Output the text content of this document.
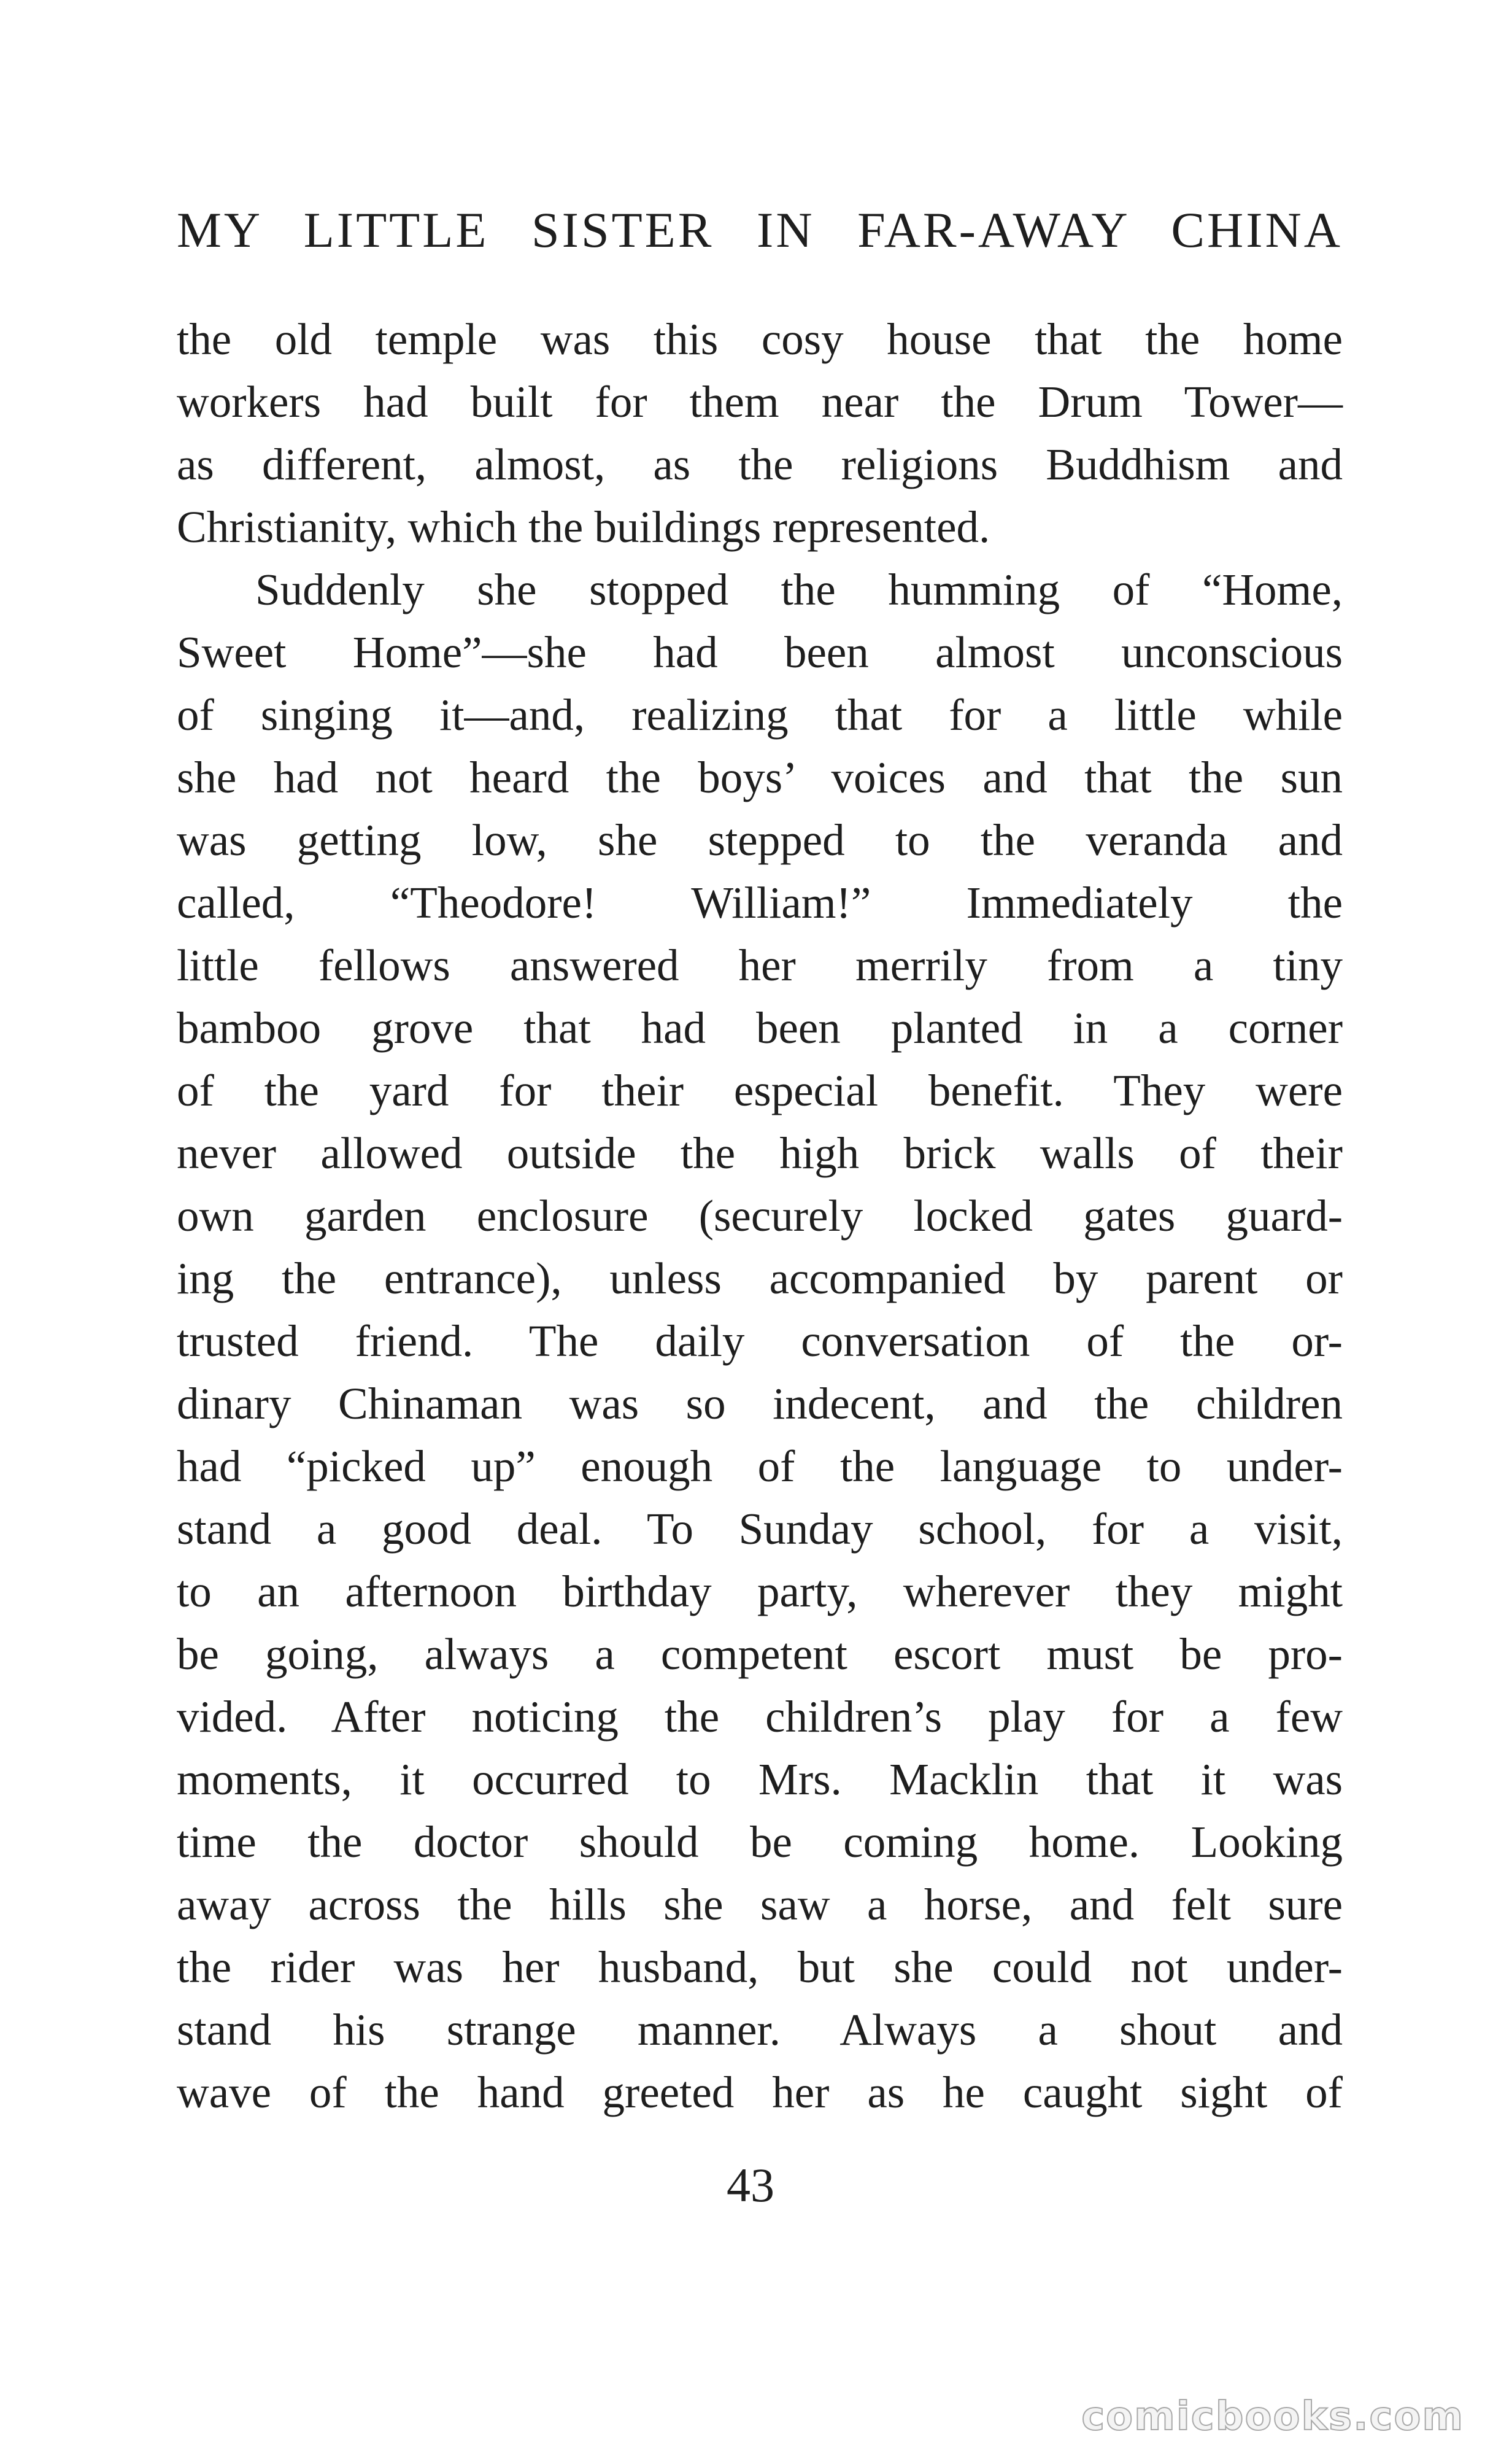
MY LITTLE SISTER IN FAR-AWAY CHINA
the old temple was this cosy house that the home
workers had built for them near the Drum Tower—
as different, almost, as the religions Buddhism and
Christianity, which the buildings represented.
Suddenly she stopped the humming of “Home,
Sweet Home”—she had been almost unconscious
of singing it—and, realizing that for a little while
she had not heard the boys’ voices and that the sun
was getting low, she stepped to the veranda and
called, “Theodore! William!” Immediately the
little fellows answered her merrily from a tiny
bamboo grove that had been planted in a corner
of the yard for their especial benefit. They were
never allowed outside the high brick walls of their
own garden enclosure (securely locked gates guard-
ing the entrance), unless accompanied by parent or
trusted friend. The daily conversation of the or-
dinary Chinaman was so indecent, and the children
had “picked up” enough of the language to under-
stand a good deal. To Sunday school, for a visit,
to an afternoon birthday party, wherever they might
be going, always a competent escort must be pro-
vided. After noticing the children’s play for a few
moments, it occurred to Mrs. Macklin that it was
time the doctor should be coming home. Looking
away across the hills she saw a horse, and felt sure
the rider was her husband, but she could not under-
stand his strange manner. Always a shout and
wave of the hand greeted her as he caught sight of
43
comicbooks.com
